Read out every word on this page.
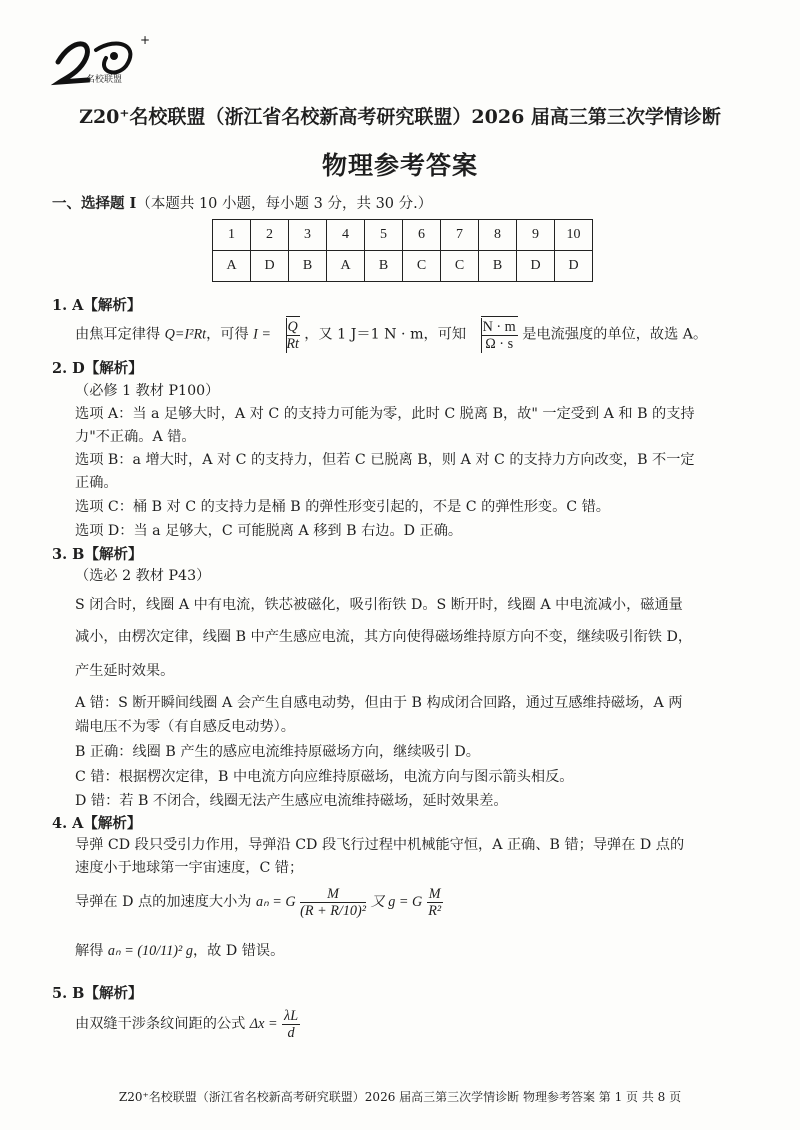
+
名校联盟
Z20⁺名校联盟（浙江省名校新高考研究联盟）2026 届高三第三次学情诊断
物理参考答案
一、选择题 I（本题共 10 小题，每小题 3 分，共 30 分.）
1	2	3	4	5	6	7	8	9	10
A	D	B	A	B	C	C	B	D	D
1. A【解析】
由焦耳定律得 Q=I²Rt，可得 $I = \frac{Q}{Rt}$ ，又 1 J＝1 N · m，可知 $\frac{N \cdot m}{\Omega \cdot s}$ 是电流强度的单位，故选 A。
2. D【解析】
（必修 1 教材 P100）
选项 A：当 a 足够大时，A 对 C 的支持力可能为零，此时 C 脱离 B，故" 一定受到 A 和 B 的支持
力"不正确。A 错。
选项 B：a 增大时，A 对 C 的支持力，但若 C 已脱离 B，则 A 对 C 的支持力方向改变，B 不一定
正确。
选项 C：桶 B 对 C 的支持力是桶 B 的弹性形变引起的，不是 C 的弹性形变。C 错。
选项 D：当 a 足够大，C 可能脱离 A 移到 B 右边。D 正确。
3. B【解析】
（选必 2 教材 P43）
S 闭合时，线圈 A 中有电流，铁芯被磁化，吸引衔铁 D。S 断开时，线圈 A 中电流减小，磁通量
减小，由楞次定律，线圈 B 中产生感应电流，其方向使得磁场维持原方向不变，继续吸引衔铁 D，
产生延时效果。
A 错：S 断开瞬间线圈 A 会产生自感电动势，但由于 B 构成闭合回路，通过互感维持磁场，A 两
端电压不为零（有自感反电动势）。
B 正确：线圈 B 产生的感应电流维持原磁场方向，继续吸引 D。
C 错：根据楞次定律，B 中电流方向应维持原磁场，电流方向与图示箭头相反。
D 错：若 B 不闭合，线圈无法产生感应电流维持磁场，延时效果差。
4. A【解析】
导弹 CD 段只受引力作用，导弹沿 CD 段飞行过程中机械能守恒，A 正确、B 错；导弹在 D 点的
速度小于地球第一宇宙速度，C 错；
导弹在 D 点的加速度大小为 aₙ = G $\frac{M}{\text{(R + R/10)²}}$ 又 g = G $\frac{M}{\text{R²}}$
解得 aₙ = (10/11)² g，故 D 错误。
5. B【解析】
由双缝干涉条纹间距的公式 $\Delta x = \frac{\lambda L}{d}$
Z20⁺名校联盟（浙江省名校新高考研究联盟）2026 届高三第三次学情诊断 物理参考答案 第 1 页 共 8 页
